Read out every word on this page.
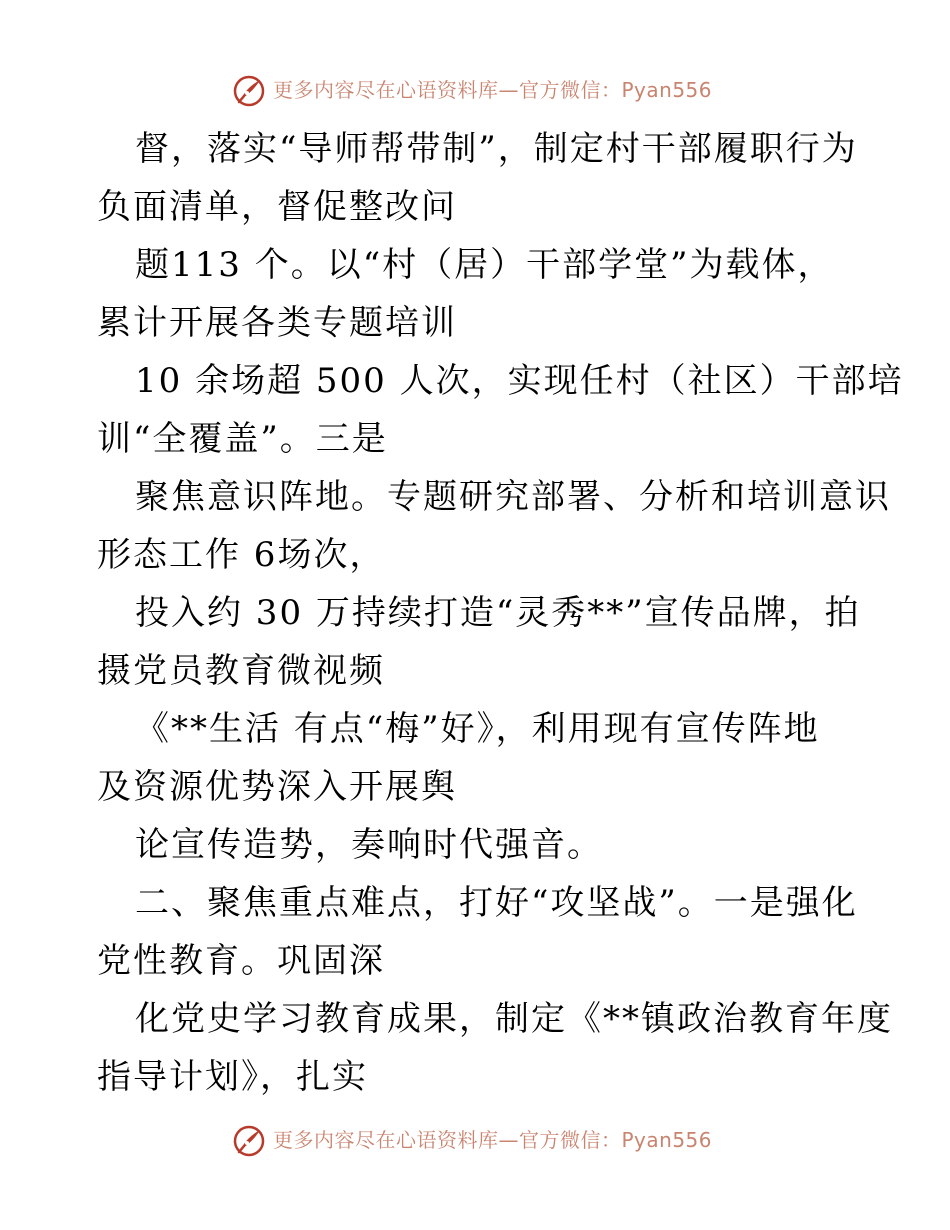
更多内容尽在心语资料库—官方微信：Pyan556
督，落实“导师帮带制”，制定村干部履职行为
负面清单，督促整改问
题113 个。以“村（居）干部学堂”为载体，
累计开展各类专题培训
10 余场超 500 人次，实现任村（社区）干部培
训“全覆盖”。三是
聚焦意识阵地。专题研究部署、分析和培训意识
形态工作 6场次，
投入约 30 万持续打造“灵秀**”宣传品牌，拍
摄党员教育微视频
《**生活 有点“梅”好》，利用现有宣传阵地
及资源优势深入开展舆
论宣传造势，奏响时代强音。
二、聚焦重点难点，打好“攻坚战”。一是强化
党性教育。巩固深
化党史学习教育成果，制定《**镇政治教育年度
指导计划》，扎实
更多内容尽在心语资料库—官方微信：Pyan556
